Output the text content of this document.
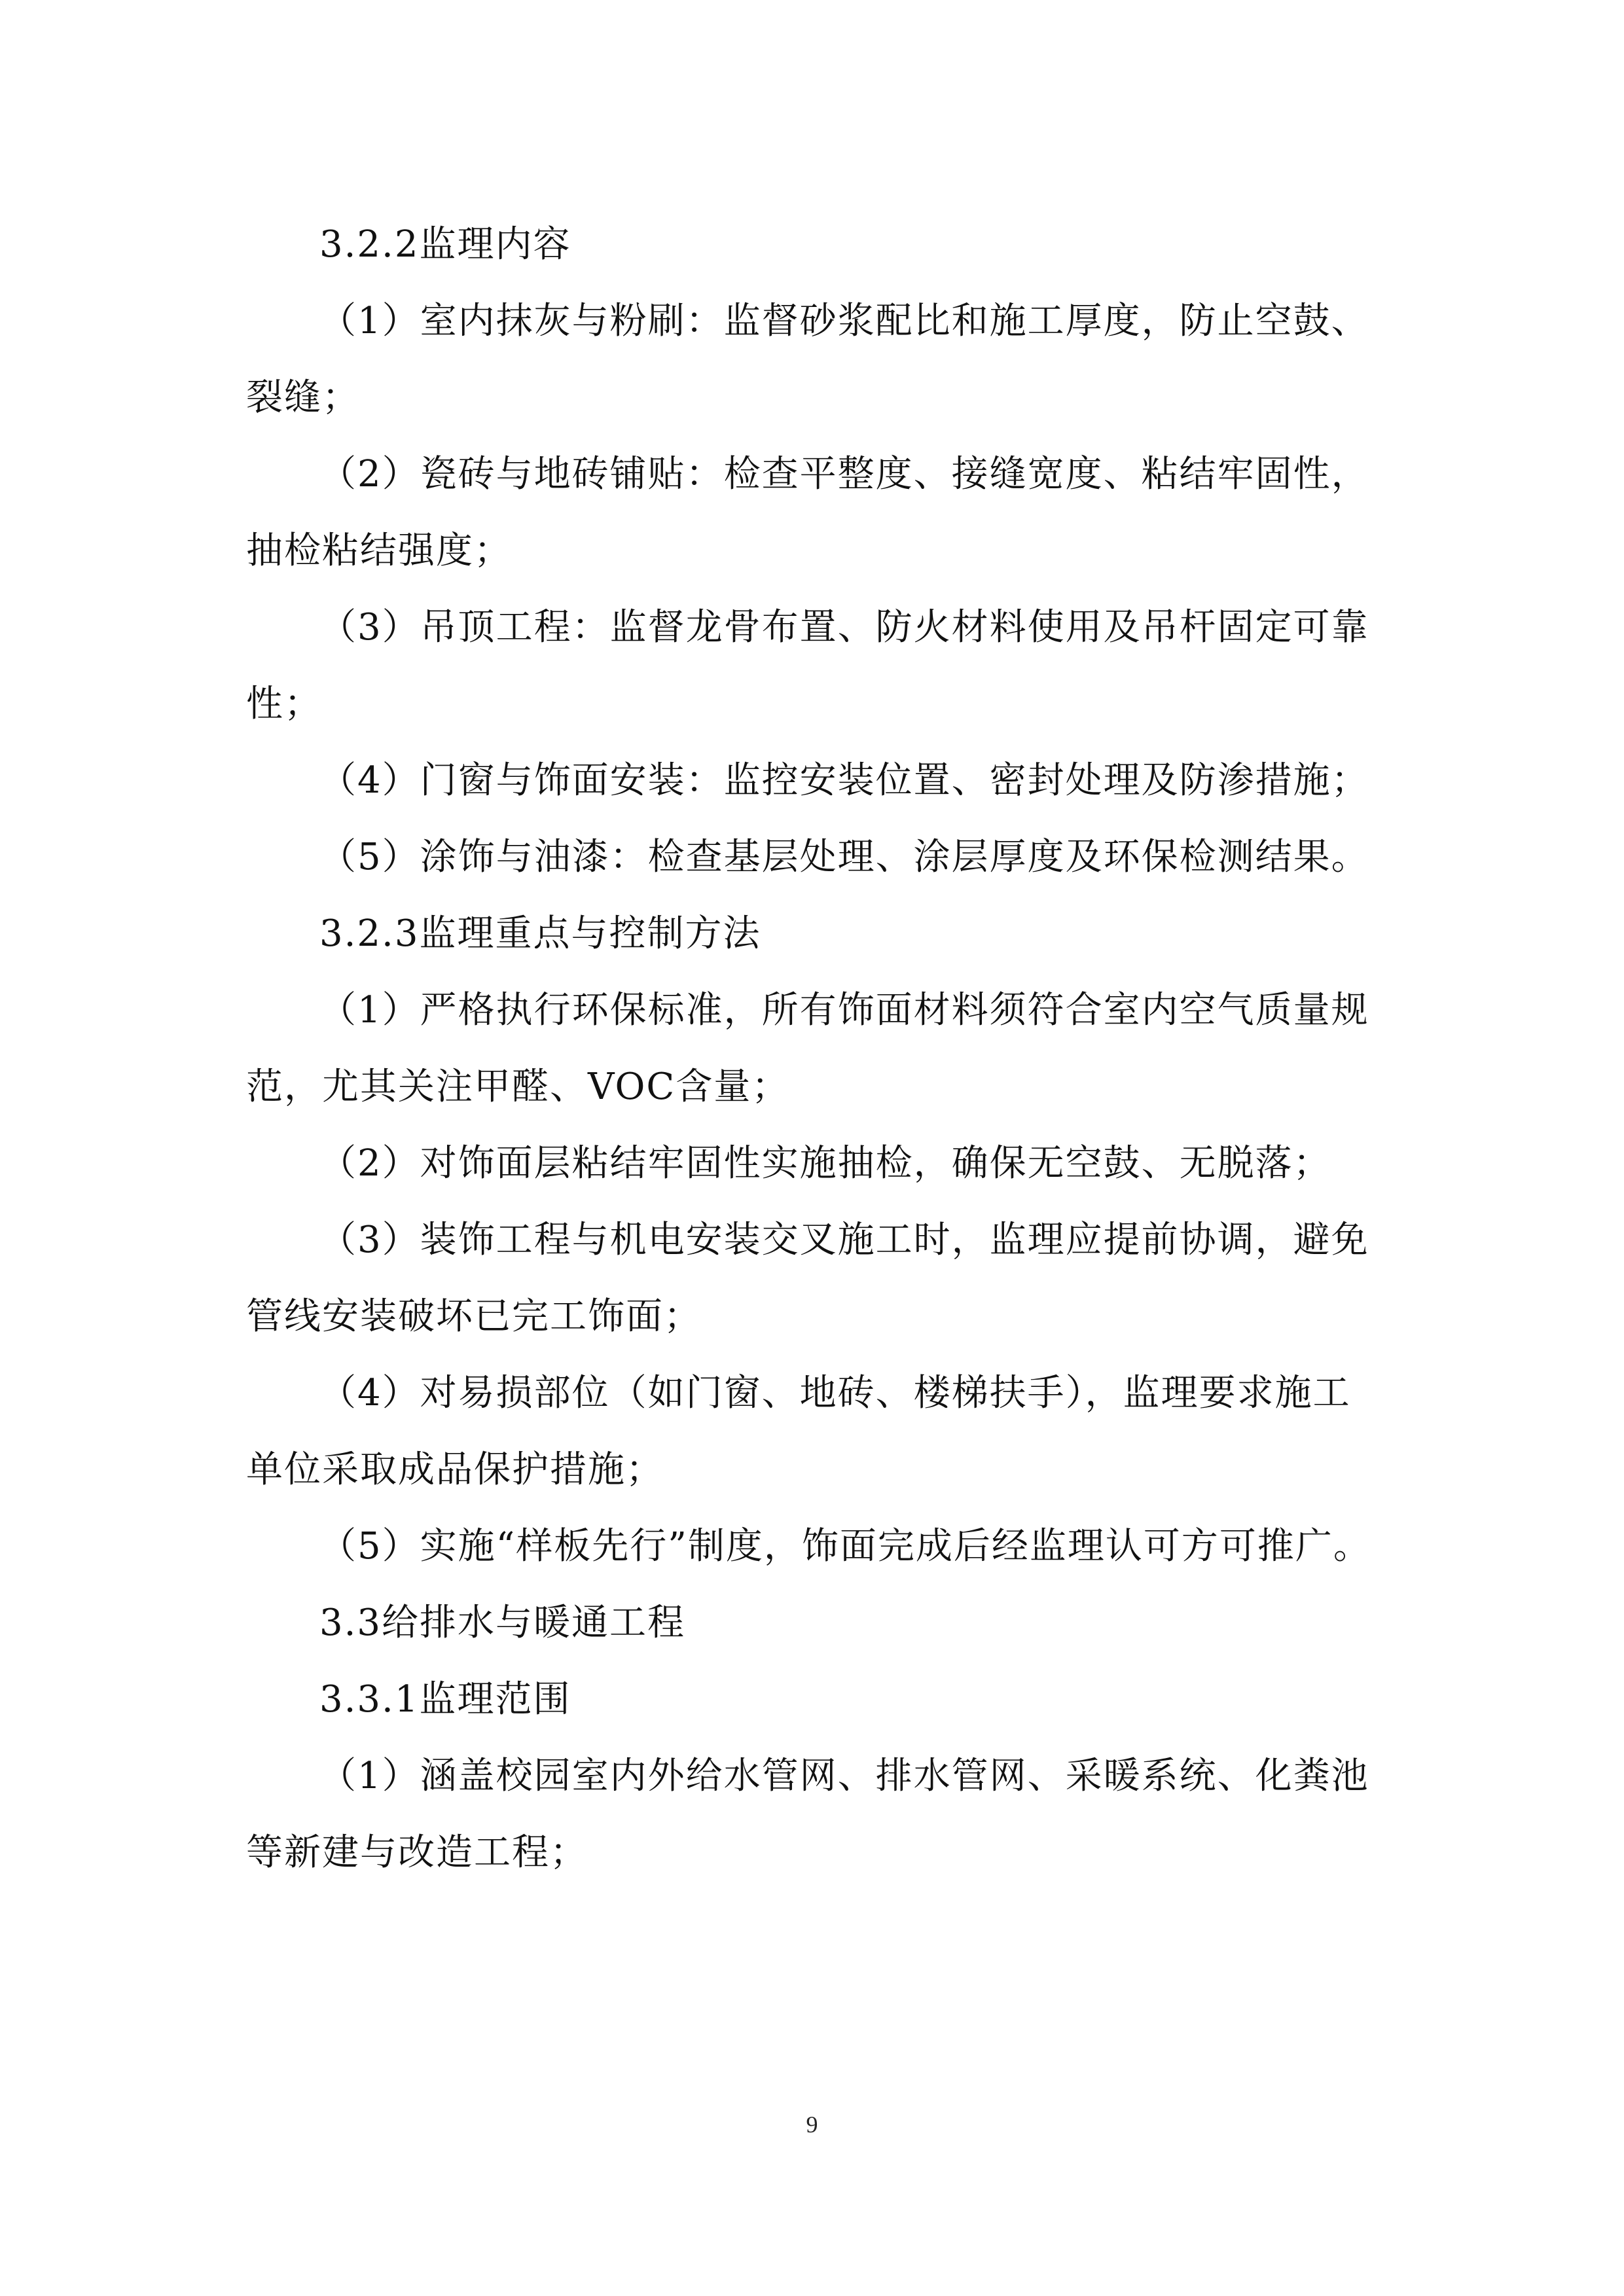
3.2.2监理内容

（1）室内抹灰与粉刷：监督砂浆配比和施工厚度，防止空鼓、裂缝；

（2）瓷砖与地砖铺贴：检查平整度、接缝宽度、粘结牢固性，抽检粘结强度；

（3）吊顶工程：监督龙骨布置、防火材料使用及吊杆固定可靠性；

（4）门窗与饰面安装：监控安装位置、密封处理及防渗措施；

（5）涂饰与油漆：检查基层处理、涂层厚度及环保检测结果。

3.2.3监理重点与控制方法

（1）严格执行环保标准，所有饰面材料须符合室内空气质量规范，尤其关注甲醛、VOC含量；

（2）对饰面层粘结牢固性实施抽检，确保无空鼓、无脱落；

（3）装饰工程与机电安装交叉施工时，监理应提前协调，避免管线安装破坏已完工饰面；

（4）对易损部位（如门窗、地砖、楼梯扶手），监理要求施工单位采取成品保护措施；

（5）实施“样板先行”制度，饰面完成后经监理认可方可推广。

3.3给排水与暖通工程

3.3.1监理范围

（1）涵盖校园室内外给水管网、排水管网、采暖系统、化粪池等新建与改造工程；

9
